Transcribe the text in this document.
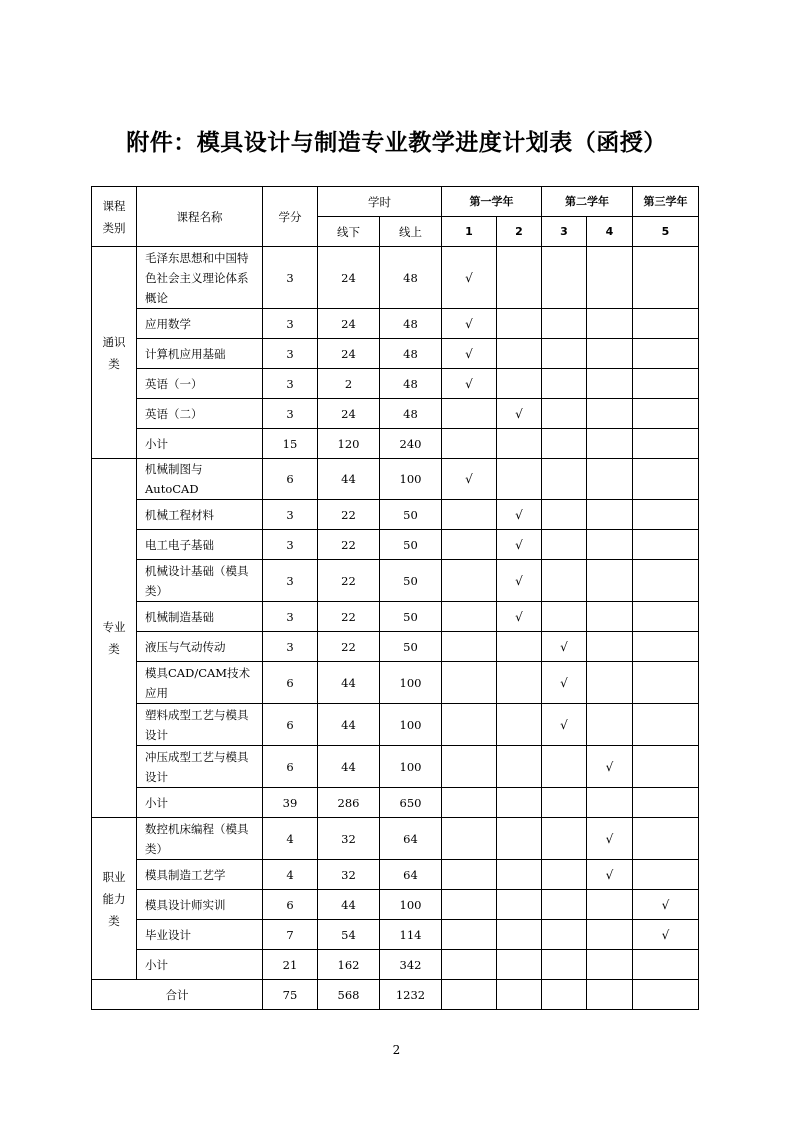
附件：模具设计与制造专业教学进度计划表（函授）
课程类别	课程名称	学分	学时		第一学年		第二学年		第三学年
			线下	线上	1	2	3	4	5
通识类	毛泽东思想和中国特色社会主义理论体系概论	3	24	48	√				
	应用数学	3	24	48	√				
	计算机应用基础	3	24	48	√				
	英语（一）	3	2	48	√				
	英语（二）	3	24	48		√			
	小计	15	120	240					
专业类	机械制图与AutoCAD	6	44	100	√				
	机械工程材料	3	22	50		√			
	电工电子基础	3	22	50		√			
	机械设计基础（模具类）	3	22	50		√			
	机械制造基础	3	22	50		√			
	液压与气动传动	3	22	50			√		
	模具CAD/CAM技术应用	6	44	100			√		
	塑料成型工艺与模具设计	6	44	100			√		
	冲压成型工艺与模具设计	6	44	100				√	
	小计	39	286	650					
职业能力类	数控机床编程（模具类）	4	32	64				√	
	模具制造工艺学	4	32	64				√	
	模具设计师实训	6	44	100					√
	毕业设计	7	54	114					√
	小计	21	162	342					
合计		75	568	1232					
2
